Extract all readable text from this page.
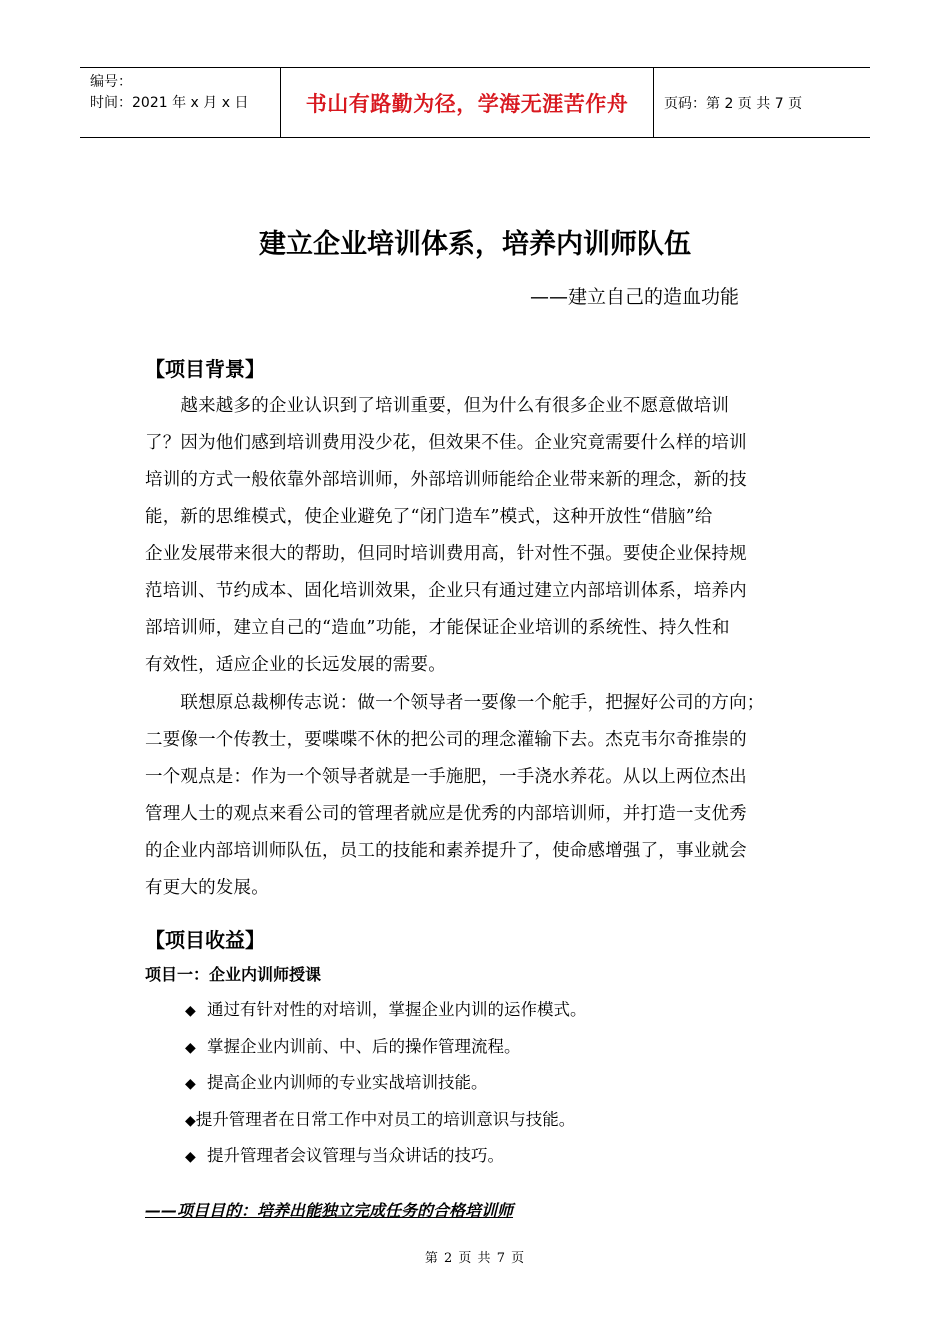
编号：
时间：2021 年 x 月 x 日	书山有路勤为径，学海无涯苦作舟	页码：第 2 页 共 7 页
建立企业培训体系，培养内训师队伍
——建立自己的造血功能
【项目背景】
　　越来越多的企业认识到了培训重要，但为什么有很多企业不愿意做培训
了？因为他们感到培训费用没少花，但效果不佳。企业究竟需要什么样的培训
培训的方式一般依靠外部培训师，外部培训师能给企业带来新的理念，新的技
能，新的思维模式，使企业避免了“闭门造车”模式，这种开放性“借脑”给
企业发展带来很大的帮助，但同时培训费用高，针对性不强。要使企业保持规
范培训、节约成本、固化培训效果，企业只有通过建立内部培训体系，培养内
部培训师，建立自己的“造血”功能，才能保证企业培训的系统性、持久性和
有效性，适应企业的长远发展的需要。
　　联想原总裁柳传志说：做一个领导者一要像一个舵手，把握好公司的方向；
二要像一个传教士，要喋喋不休的把公司的理念灌输下去。杰克韦尔奇推崇的
一个观点是：作为一个领导者就是一手施肥，一手浇水养花。从以上两位杰出
管理人士的观点来看公司的管理者就应是优秀的内部培训师，并打造一支优秀
的企业内部培训师队伍，员工的技能和素养提升了，使命感增强了，事业就会
有更大的发展。
【项目收益】
项目一：企业内训师授课
◆ 通过有针对性的对培训，掌握企业内训的运作模式。
◆ 掌握企业内训前、中、后的操作管理流程。
◆ 提高企业内训师的专业实战培训技能。
◆提升管理者在日常工作中对员工的培训意识与技能。
◆ 提升管理者会议管理与当众讲话的技巧。
——项目目的：培养出能独立完成任务的合格培训师
第 2 页 共 7 页
